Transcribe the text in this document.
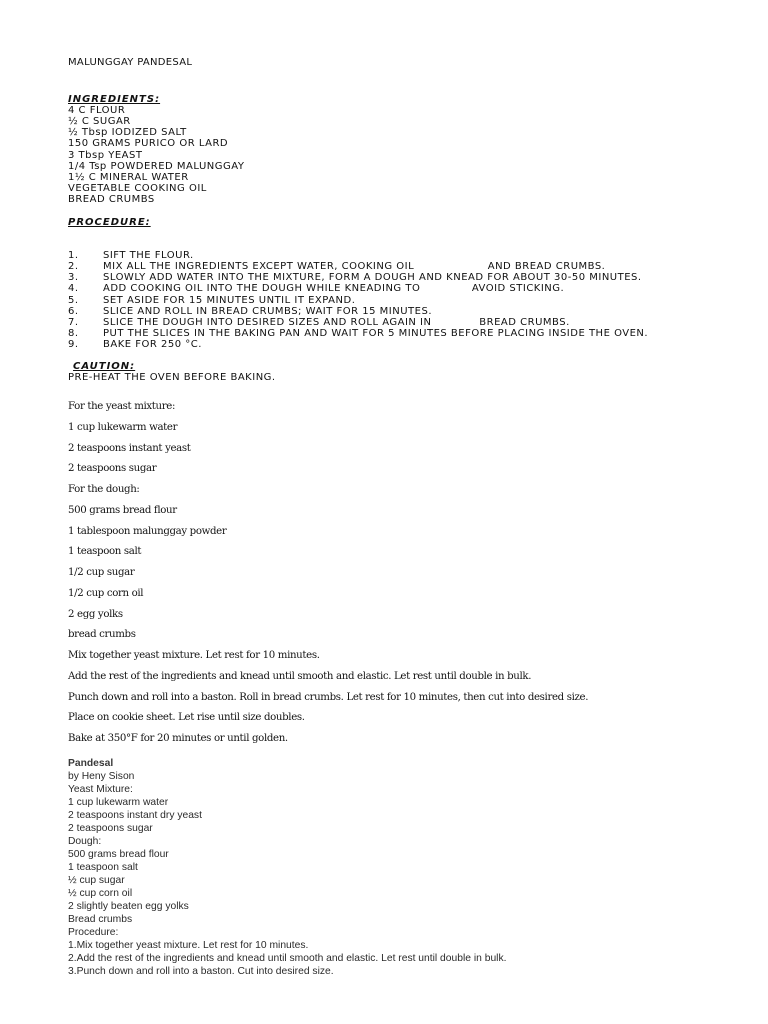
MALUNGGAY PANDESAL
INGREDIENTS:
4 C FLOUR
½ C SUGAR
½ Tbsp IODIZED SALT
150 GRAMS PURICO OR LARD
3 Tbsp YEAST
1/4 Tsp POWDERED MALUNGGAY
1½ C MINERAL WATER
VEGETABLE COOKING OIL
BREAD CRUMBS
PROCEDURE:
1.	SIFT THE FLOUR.
2.	MIX ALL THE INGREDIENTS EXCEPT WATER, COOKING OIL                    AND BREAD CRUMBS.
3.	SLOWLY ADD WATER INTO THE MIXTURE, FORM A DOUGH AND KNEAD FOR ABOUT 30-50 MINUTES.
4.	ADD COOKING OIL INTO THE DOUGH WHILE KNEADING TO              AVOID STICKING.
5.	SET ASIDE FOR 15 MINUTES UNTIL IT EXPAND.
6.	SLICE AND ROLL IN BREAD CRUMBS; WAIT FOR 15 MINUTES.
7.	SLICE THE DOUGH INTO DESIRED SIZES AND ROLL AGAIN IN             BREAD CRUMBS.
8.	PUT THE SLICES IN THE BAKING PAN AND WAIT FOR 5 MINUTES BEFORE PLACING INSIDE THE OVEN.
9.	BAKE FOR 250 °C.
CAUTION:
PRE-HEAT THE OVEN BEFORE BAKING.
For the yeast mixture:
1 cup lukewarm water
2 teaspoons instant yeast
2 teaspoons sugar
For the dough:
500 grams bread flour
1 tablespoon malunggay powder
1 teaspoon salt
1/2 cup sugar
1/2 cup corn oil
2 egg yolks
bread crumbs
Mix together yeast mixture. Let rest for 10 minutes.
Add the rest of the ingredients and knead until smooth and elastic. Let rest until double in bulk.
Punch down and roll into a baston. Roll in bread crumbs. Let rest for 10 minutes, then cut into desired size.
Place on cookie sheet. Let rise until size doubles.
Bake at 350°F for 20 minutes or until golden.
Pandesal
by Heny Sison
Yeast Mixture:
1 cup lukewarm water
2 teaspoons instant dry yeast
2 teaspoons sugar
Dough:
500 grams bread flour
1 teaspoon salt
½ cup sugar
½ cup corn oil
2 slightly beaten egg yolks
Bread crumbs
Procedure:
1.Mix together yeast mixture. Let rest for 10 minutes.
2.Add the rest of the ingredients and knead until smooth and elastic. Let rest until double in bulk.
3.Punch down and roll into a baston. Cut into desired size.
